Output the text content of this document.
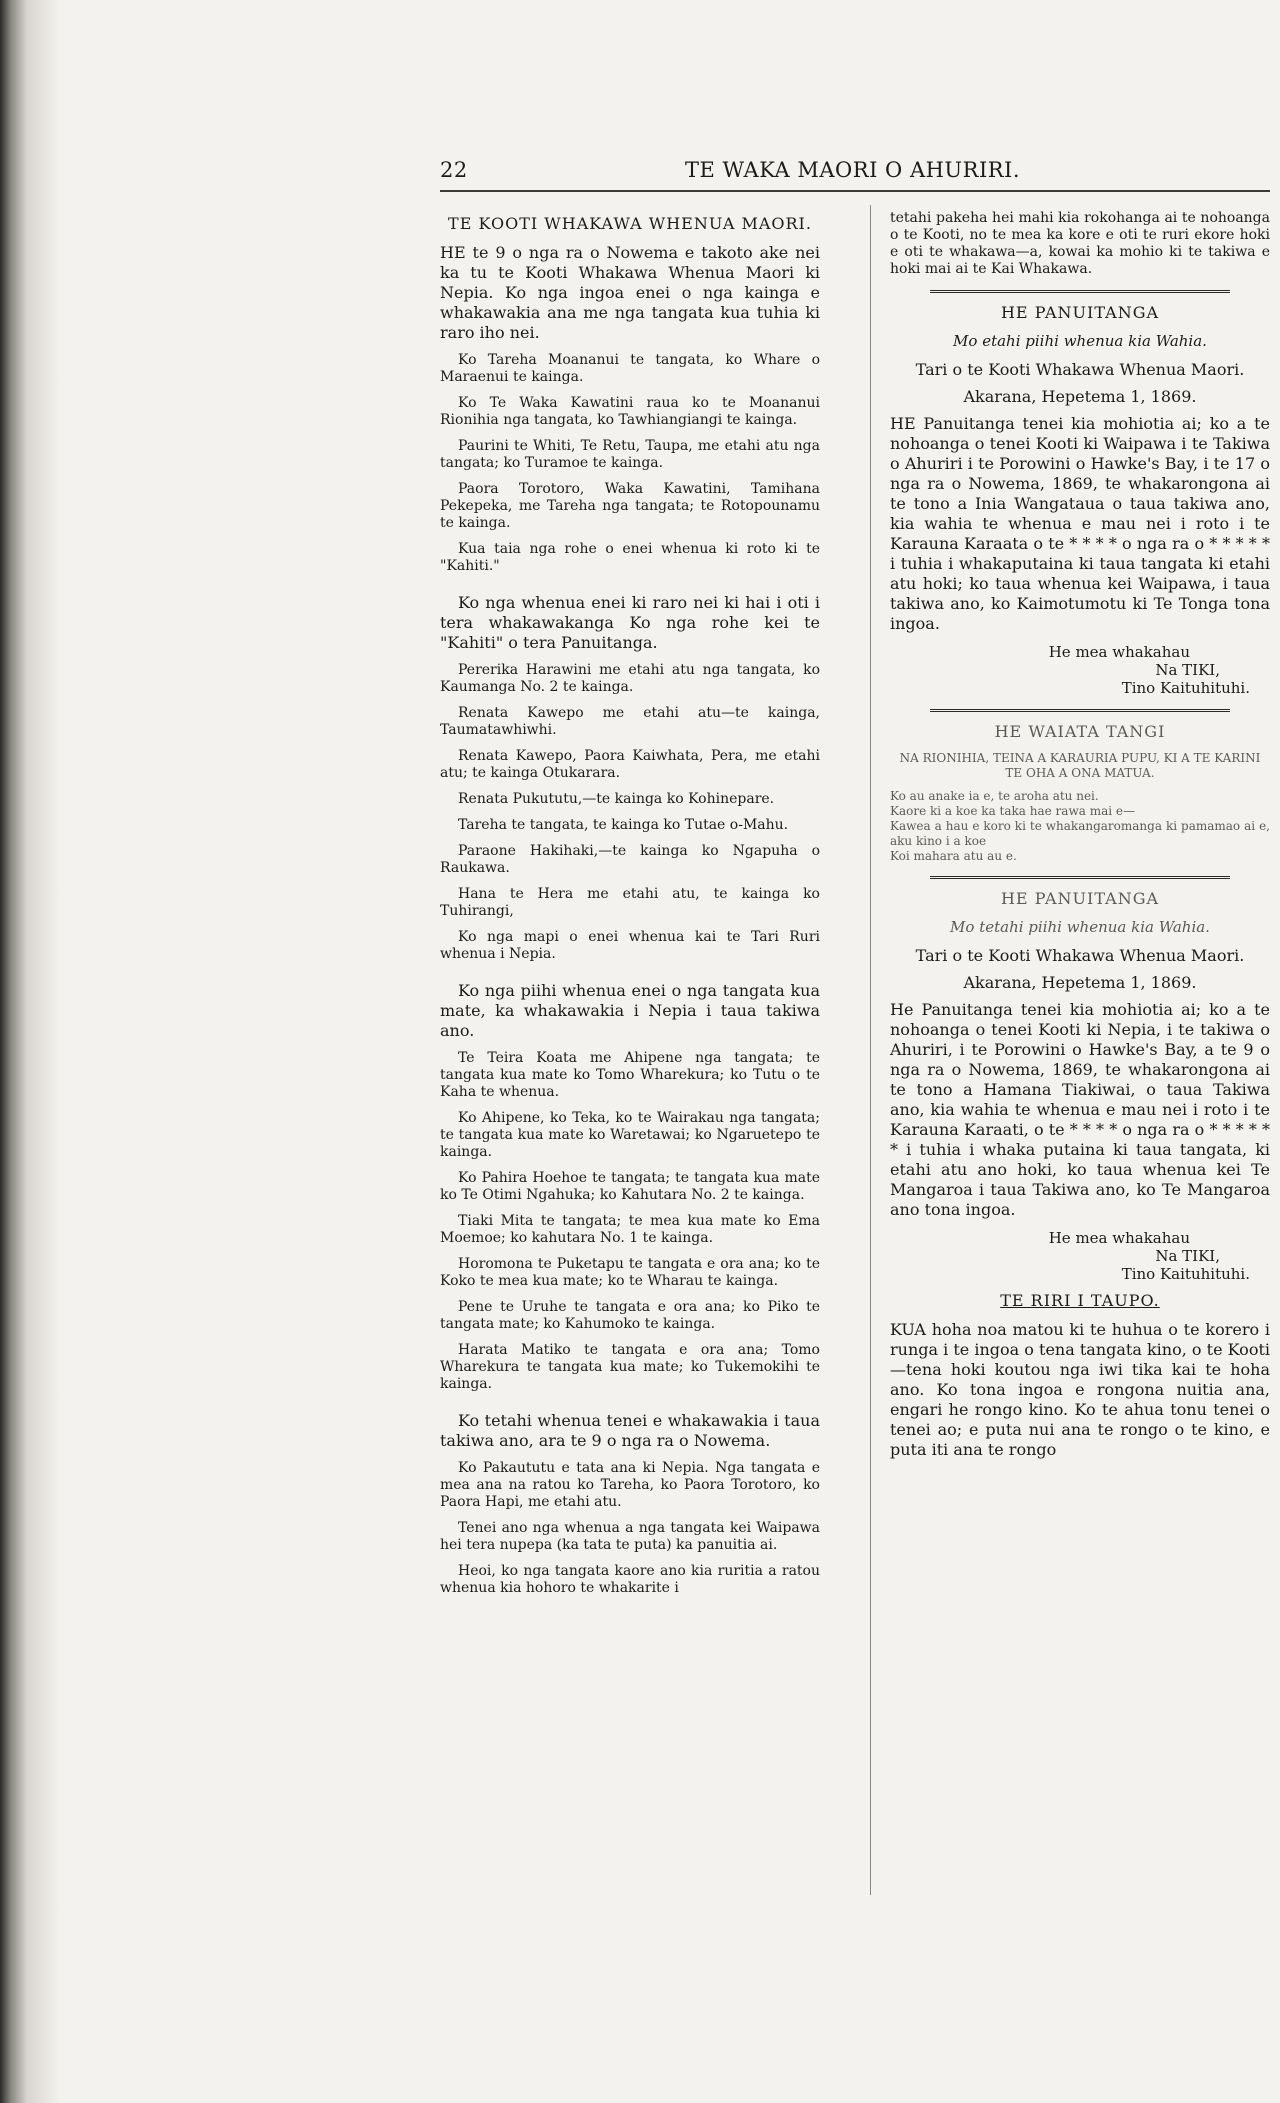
22	TE WAKA MAORI O AHURIRI.
TE KOOTI WHAKAWA WHENUA MAORI.

HE te 9 o nga ra o Nowema e takoto ake nei ka tu te Kooti Whakawa Whenua Maori ki Nepia. Ko nga ingoa enei o nga kainga e whakawakia ana me nga tangata kua tuhia ki raro iho nei.

Ko Tareha Moananui te tangata, ko Whare o Maraenui te kainga.

Ko Te Waka Kawatini raua ko te Moananui Rionihia nga tangata, ko Tawhiangiangi te kainga.

Paurini te Whiti, Te Retu, Taupa, me etahi atu nga tangata; ko Turamoe te kainga.

Paora Torotoro, Waka Kawatini, Tamihana Pekepeka, me Tareha nga tangata; te Rotopounamu te kainga.

Kua taia nga rohe o enei whenua ki roto ki te "Kahiti."

Ko nga whenua enei ki raro nei ki hai i oti i tera whakawakanga Ko nga rohe kei te "Kahiti" o tera Panuitanga.

Pererika Harawini me etahi atu nga tangata, ko Kaumanga No. 2 te kainga.

Renata Kawepo me etahi atu—te kainga, Taumatawhiwhi.

Renata Kawepo, Paora Kaiwhata, Pera, me etahi atu; te kainga Otukarara.

Renata Pukututu,—te kainga ko Kohinepare.

Tareha te tangata, te kainga ko Tutae o-Mahu.

Paraone Hakihaki,—te kainga ko Ngapuha o Raukawa.

Hana te Hera me etahi atu, te kainga ko Tuhirangi,

Ko nga mapi o enei whenua kai te Tari Ruri whenua i Nepia.

Ko nga piihi whenua enei o nga tangata kua mate, ka whakawakia i Nepia i taua takiwa ano.

Te Teira Koata me Ahipene nga tangata; te tangata kua mate ko Tomo Wharekura; ko Tutu o te Kaha te whenua.

Ko Ahipene, ko Teka, ko te Wairakau nga tangata; te tangata kua mate ko Waretawai; ko Ngaruetepo te kainga.

Ko Pahira Hoehoe te tangata; te tangata kua mate ko Te Otimi Ngahuka; ko Kahutara No. 2 te kainga.

Tiaki Mita te tangata; te mea kua mate ko Ema Moemoe; ko kahutara No. 1 te kainga.

Horomona te Puketapu te tangata e ora ana; ko te Koko te mea kua mate; ko te Wharau te kainga.

Pene te Uruhe te tangata e ora ana; ko Piko te tangata mate; ko Kahumoko te kainga.

Harata Matiko te tangata e ora ana; Tomo Wharekura te tangata kua mate; ko Tukemokihi te kainga.

Ko tetahi whenua tenei e whakawakia i taua takiwa ano, ara te 9 o nga ra o Nowema.

Ko Pakaututu e tata ana ki Nepia. Nga tangata e mea ana na ratou ko Tareha, ko Paora Torotoro, ko Paora Hapi, me etahi atu.

Tenei ano nga whenua a nga tangata kei Waipawa hei tera nupepa (ka tata te puta) ka panuitia ai.

Heoi, ko nga tangata kaore ano kia ruritia a ratou whenua kia hohoro te whakarite i

tetahi pakeha hei mahi kia rokohanga ai te nohoanga o te Kooti, no te mea ka kore e oti te ruri ekore hoki e oti te whakawa—a, kowai ka mohio ki te takiwa e hoki mai ai te Kai Whakawa.

HE PANUITANGA
Mo etahi piihi whenua kia Wahia.
Tari o te Kooti Whakawa Whenua Maori.
Akarana, Hepetema 1, 1869.

HE Panuitanga tenei kia mohiotia ai; ko a te nohoanga o tenei Kooti ki Waipawa i te Takiwa o Ahuriri i te Porowini o Hawke's Bay, i te 17 o nga ra o Nowema, 1869, te whakarongona ai te tono a Inia Wangataua o taua takiwa ano, kia wahia te whenua e mau nei i roto i te Karauna Karaata o te * * * * o nga ra o * * * * * i tuhia i whakaputaina ki taua tangata ki etahi atu hoki; ko taua whenua kei Waipawa, i taua takiwa ano, ko Kaimotumotu ki Te Tonga tona ingoa.

He mea whakahau
Na TIKI,
Tino Kaituhituhi.
HE WAIATA TANGI
NA RIONIHIA, TEINA A KARAURIA PUPU, KI A TE KARINI TE OHA A ONA MATUA.

Ko au anake ia e, te aroha atu nei.

Kaore ki a koe ka taka hae rawa mai e—

Kawea a hau e koro ki te whakangaromanga ki pamamao ai e, aku kino i a koe

Koi mahara atu au e.

HE PANUITANGA
Mo tetahi piihi whenua kia Wahia.
Tari o te Kooti Whakawa Whenua Maori.
Akarana, Hepetema 1, 1869.

He Panuitanga tenei kia mohiotia ai; ko a te nohoanga o tenei Kooti ki Nepia, i te takiwa o Ahuriri, i te Porowini o Hawke's Bay, a te 9 o nga ra o Nowema, 1869, te whakarongona ai te tono a Hamana Tiakiwai, o taua Takiwa ano, kia wahia te whenua e mau nei i roto i te Karauna Karaati, o te * * * * o nga ra o * * * * * * i tuhia i whaka putaina ki taua tangata, ki etahi atu ano hoki, ko taua whenua kei Te Mangaroa i taua Takiwa ano, ko Te Mangaroa ano tona ingoa.

He mea whakahau
Na TIKI,
Tino Kaituhituhi.
TE RIRI I TAUPO.

KUA hoha noa matou ki te huhua o te korero i runga i te ingoa o tena tangata kino, o te Kooti—tena hoki koutou nga iwi tika kai te hoha ano. Ko tona ingoa e rongona nuitia ana, engari he rongo kino. Ko te ahua tonu tenei o tenei ao; e puta nui ana te rongo o te kino, e puta iti ana te rongo
